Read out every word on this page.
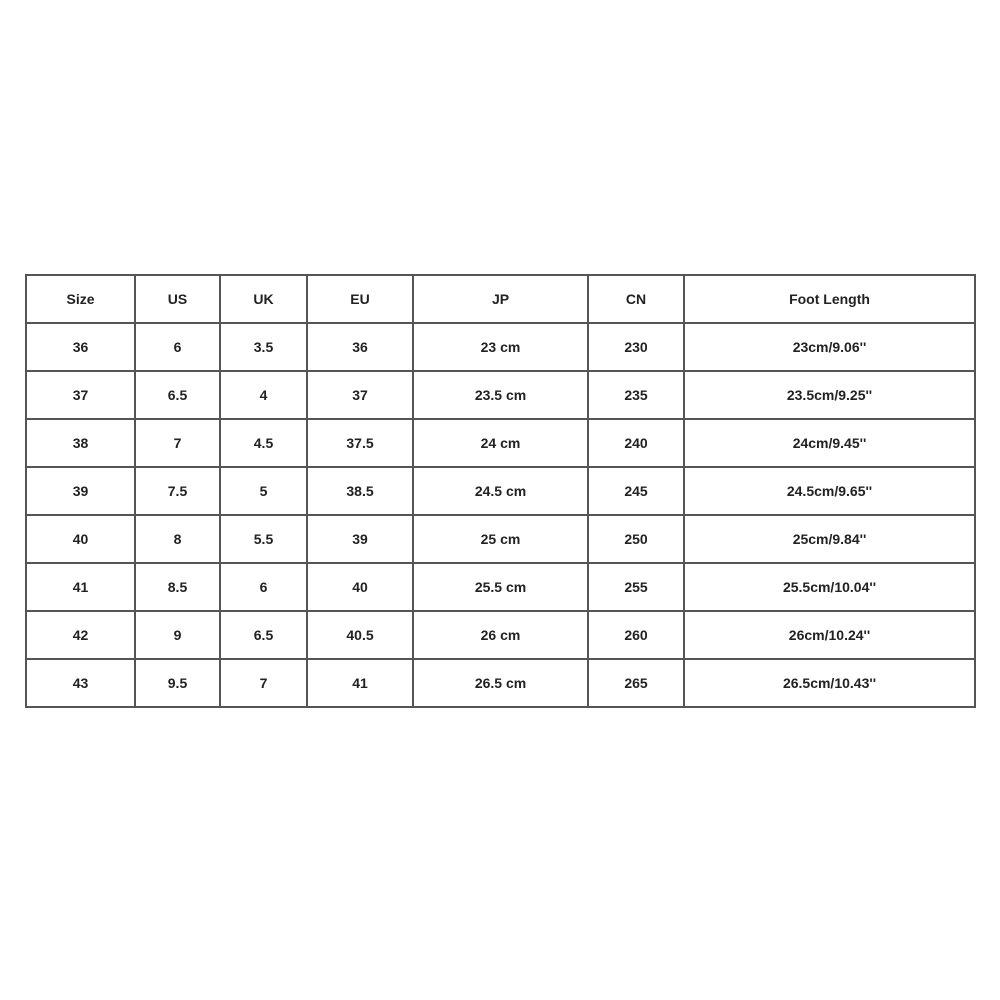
Size	US	UK	EU	JP	CN	Foot Length
36	6	3.5	36	23 cm	230	23cm/9.06''
37	6.5	4	37	23.5 cm	235	23.5cm/9.25''
38	7	4.5	37.5	24 cm	240	24cm/9.45''
39	7.5	5	38.5	24.5 cm	245	24.5cm/9.65''
40	8	5.5	39	25 cm	250	25cm/9.84''
41	8.5	6	40	25.5 cm	255	25.5cm/10.04''
42	9	6.5	40.5	26 cm	260	26cm/10.24''
43	9.5	7	41	26.5 cm	265	26.5cm/10.43''
